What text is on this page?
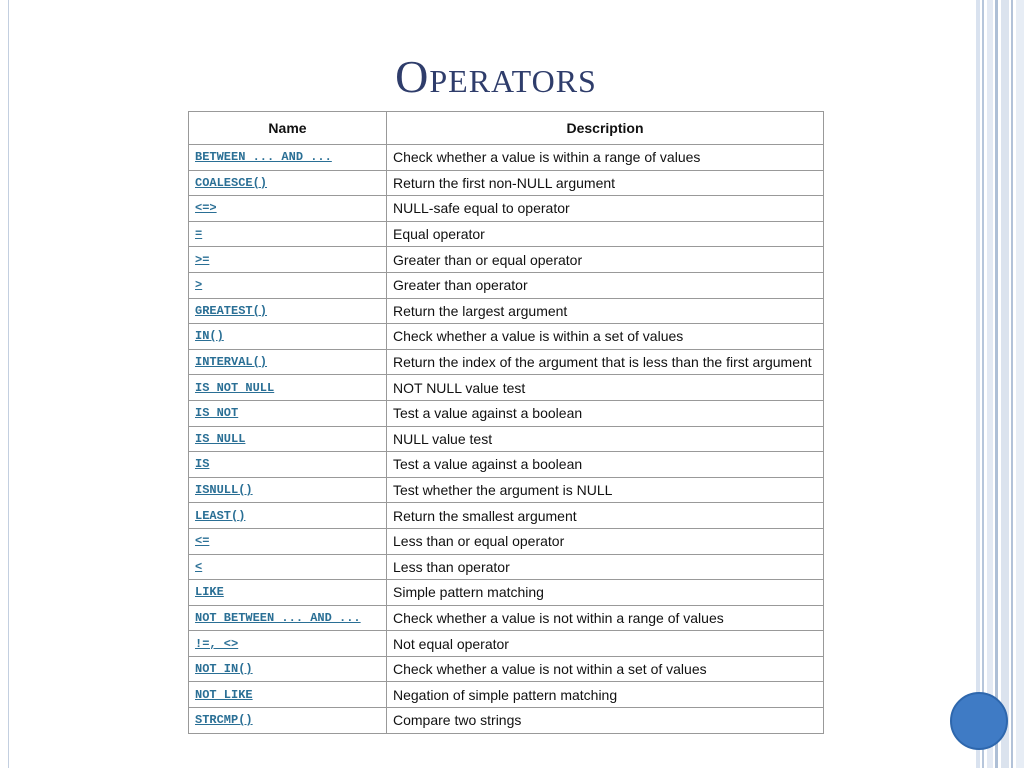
Operators
Name	Description
BETWEEN ... AND ...	Check whether a value is within a range of values
COALESCE()	Return the first non-NULL argument
<=>	NULL-safe equal to operator
=	Equal operator
>=	Greater than or equal operator
>	Greater than operator
GREATEST()	Return the largest argument
IN()	Check whether a value is within a set of values
INTERVAL()	Return the index of the argument that is less than the first argument
IS NOT NULL	NOT NULL value test
IS NOT	Test a value against a boolean
IS NULL	NULL value test
IS	Test a value against a boolean
ISNULL()	Test whether the argument is NULL
LEAST()	Return the smallest argument
<=	Less than or equal operator
<	Less than operator
LIKE	Simple pattern matching
NOT BETWEEN ... AND ...	Check whether a value is not within a range of values
!=, <>	Not equal operator
NOT IN()	Check whether a value is not within a set of values
NOT LIKE	Negation of simple pattern matching
STRCMP()	Compare two strings
